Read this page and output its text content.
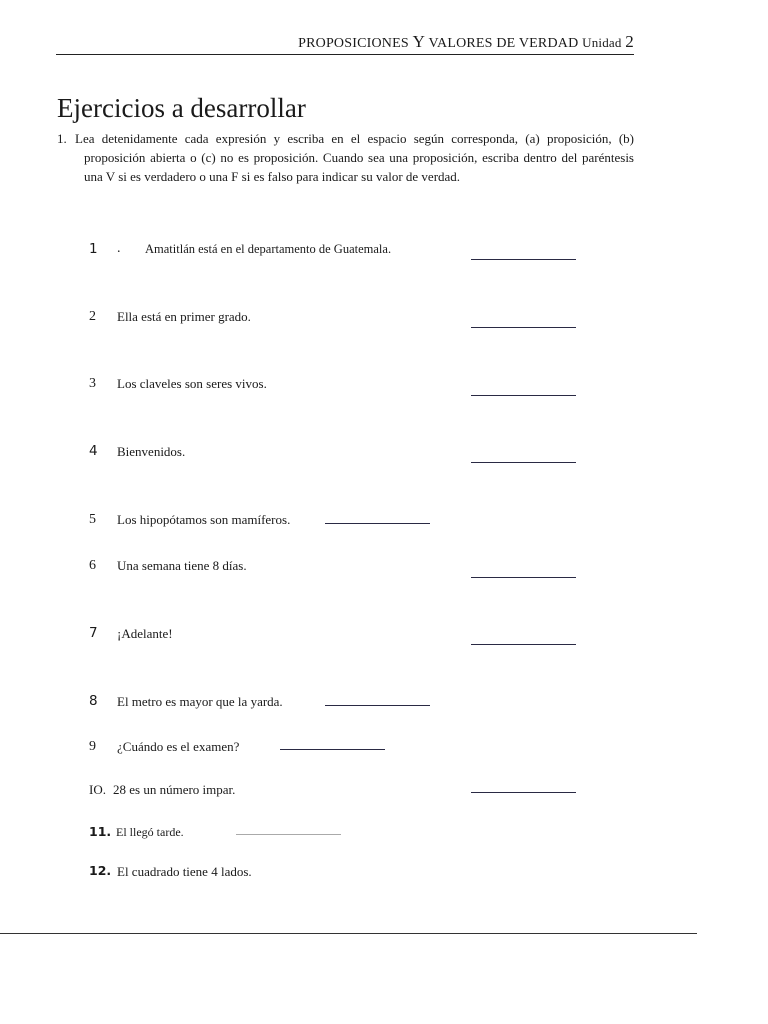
PROPOSICIONES Y VALORES DE VERDAD Unidad 2
Ejercicios a desarrollar
1. Lea detenidamente cada expresión y escriba en el espacio según corresponda, (a) proposición, (b) proposición abierta o (c) no es proposición. Cuando sea una proposición, escriba dentro del paréntesis una V si es verdadero o una F si es falso para indicar su valor de verdad.
1 . Amatitlán está en el departamento de Guatemala.
2 Ella está en primer grado.
3 Los claveles son seres vivos.
4 Bienvenidos.
5 Los hipopótamos son mamíferos.
6 Una semana tiene 8 días.
7 ¡Adelante!
8 El metro es mayor que la yarda.
9 ¿Cuándo es el examen?
IO. 28 es un número impar.
11. El llegó tarde.
12. El cuadrado tiene 4 lados.
